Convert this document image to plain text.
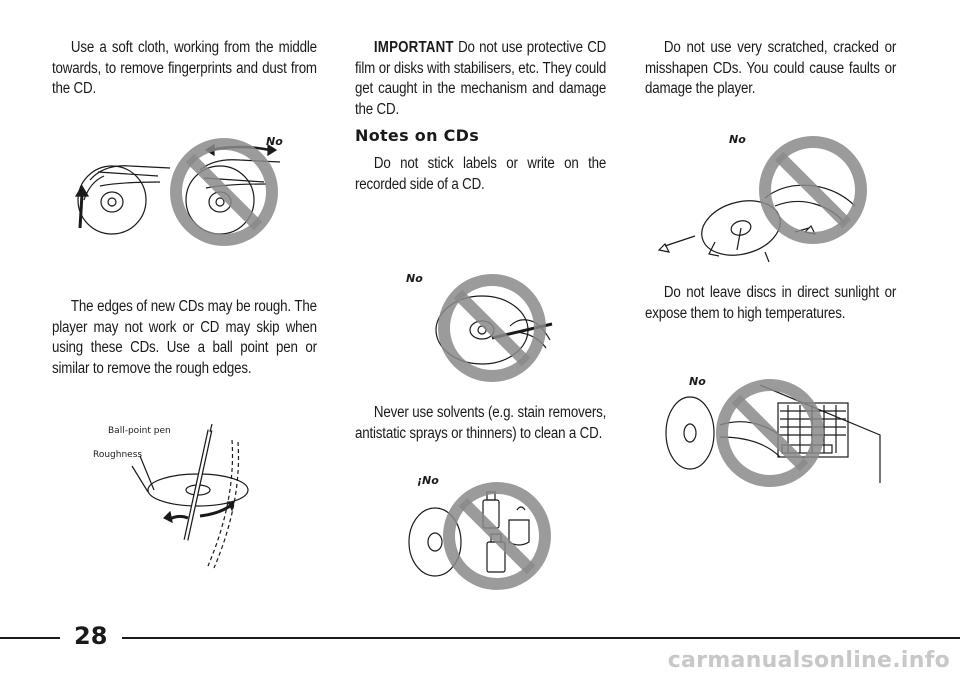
Use a soft cloth, working from the middle towards, to remove fingerprints and dust from the CD.
No
The edges of new CDs may be rough. The player may not work or CD may skip when using these CDs. Use a ball point pen or similar to remove the rough edges.
Ball-point pen
Roughness
IMPORTANT Do not use protective CD film or disks with stabilisers, etc. They could get caught in the mechanism and damage the CD.
Notes on CDs
Do not stick labels or write on the recorded side of a CD.
No
Never use solvents (e.g. stain removers, antistatic sprays or thinners) to clean a CD.
¡No
Do not use very scratched, cracked or misshapen CDs. You could cause faults or damage the player.
No
Do not leave discs in direct sunlight or expose them to high temperatures.
No
28
carmanualsonline.info
